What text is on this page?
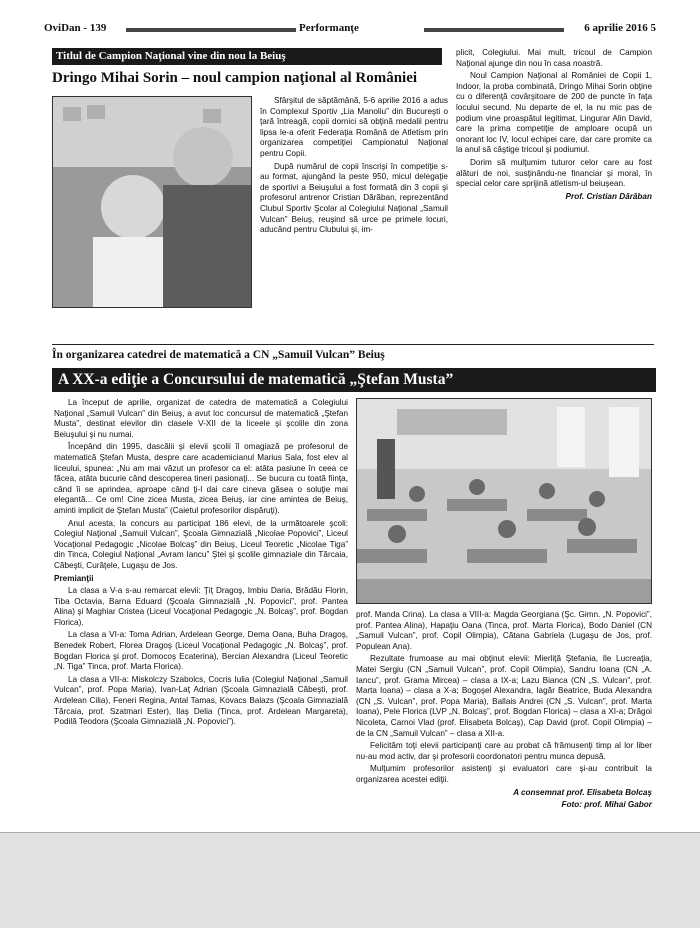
OviDan - 139	Performanţe	6 aprilie 2016 5
Titlul de Campion Naţional vine din nou la Beiuş
Dringo Mihai Sorin – noul campion naţional al României

Sfârşitul de săptămână, 5-6 aprilie 2016 a adus în Complexul Sportiv „Lia Manoliu” din Bucureşti o ţară întreagă, copii dornici să obţină medalii pentru lipsa le-a oferit Federaţia Română de Atletism prin organizarea competiţiei Campionatul Naţional pentru Copii.

După numărul de copii înscrişi în competiţie s-au format, ajungând la peste 950, micul delegaţie de sportivi a Beiuşului a fost formată din 3 copii şi profesorul antrenor Cristian Dărăban, reprezentând Clubul Sportiv Şcolar al Colegiului Naţional „Samuil Vulcan” Beiuş, reuşind să urce pe primele locuri, aducând pentru Clubului şi, im-

plicit, Colegiului. Mai mult, tricoul de Campion Naţional ajunge din nou în casa noastră.

Noul Campion Naţional al României de Copii 1, Indoor, la proba combinată, Dringo Mihai Sorin obţine cu o diferenţă covârşitoare de 200 de puncte în faţa locului secund. Nu departe de el, la nu mic pas de podium vine proaspătul legitimat, Lingurar Alin David, care la prima competiţie de amploare ocupă un onorant loc IV, locul echipei care, dar care promite ca la anul să câştige tricoul şi podiumul.

Dorim să mulţumim tuturor celor care au fost alături de noi, susţinându-ne financiar şi moral, în special celor care sprijină atletism-ul beiuşean.

Prof. Cristian Dărăban

În organizarea catedrei de matematică a CN „Samuil Vulcan” Beiuş
A XX-a ediţie a Concursului de matematică „Ştefan Musta”

La început de aprilie, organizat de catedra de matematică a Colegiului Naţional „Samuil Vulcan” din Beiuş, a avut loc concursul de matematică „Ştefan Musta”, destinat elevilor din clasele V-XII de la liceele şi şcolile din zona Beiuşului şi nu numai.

Începând din 1995, dascălii şi elevii şcolii îl omagiază pe profesorul de matematică Ştefan Musta, despre care academicianul Marius Sala, fost elev al liceului, spunea: „Nu am mai văzut un profesor ca el: atâta pasiune în ceea ce făcea, atâta bucurie când descoperea tineri pasionaţi... Se bucura cu toată fiinţa, când îi se aprindea, aproape când ţi-l dai care cineva găsea o soluţie mai elegantă... Ce om! Cine zicea Musta, zicea Beiuş, iar cine amintea de Beiuş, aminti implicit de Ştefan Musta” (Caietul profesorilor dispăruţi).

Anul acesta, la concurs au participat 186 elevi, de la următoarele şcoli: Colegiul Naţional „Samuil Vulcan”, Şcoala Gimnazială „Nicolae Popovici”, Liceul Vocaţional Pedagogic „Nicolae Bolcaş” din Beiuş, Liceul Teoretic „Nicolae Tiga” din Tinca, Colegiul Naţional „Avram Iancu” Ştei şi şcolile gimnaziale din Tărcaia, Căbeşti, Curăţele, Lugaşu de Jos.

Premianţii

La clasa a V-a s-au remarcat elevii: Ţiţ Dragoş, Imbiu Daria, Brădău Florin, Tiba Octavia, Barna Eduard (Şcoala Gimnazială „N. Popovici”, prof. Pantea Alina) şi Maghiar Cristea (Liceul Vocaţional Pedagogic „N. Bolcaş”, prof. Bogdan Florica).

La clasa a VI-a: Toma Adrian, Ardelean George, Dema Oana, Buha Dragoş, Benedek Robert, Florea Dragoş (Liceul Vocaţional Pedagogic „N. Bolcaş”, prof. Bogdan Florica şi prof. Domocoş Ecaterina), Bercian Alexandra (Liceul Teoretic „N. Tiga” Tinca, prof. Marta Florica).

La clasa a VII-a: Miskolczy Szabolcs, Cocris Iulia (Colegiul Naţional „Samuil Vulcan”, prof. Popa Maria), Ivan-Laţ Adrian (Şcoala Gimnazială Căbeşti, prof. Ardelean Cilia), Feneri Regina, Antal Tamas, Kovacs Balazs (Şcoala Gimnazială Tărcaia, prof. Szatmari Ester), Ilaş Delia (Tinca, prof. Ardelean Margareta), Podilă Teodora (Şcoala Gimnazială „N. Popovici”).

prof. Manda Crina). La clasa a VIII-a: Magda Georgiana (Şc. Gimn. „N. Popovici”, prof. Pantea Alina), Hapaţiu Oana (Tinca, prof. Marta Florica), Bodo Daniel (CN „Samuil Vulcan”, prof. Copil Olimpia), Cătana Gabriela (Lugaşu de Jos, prof. Populean Ana).

Rezultate frumoase au mai obţinut elevii: Mierliţă Ştefania, Ile Lucreaţia, Matei Sergiu (CN „Samuil Vulcan”, prof. Copil Olimpia), Sandru Ioana (CN „A. Iancu”, prof. Grama Mircea) – clasa a IX-a; Lazu Bianca (CN „S. Vulcan”, prof. Marta Ioana) – clasa a X-a; Bogoşel Alexandra, Iagăr Beatrice, Buda Alexandra (CN „S. Vulcan”, prof. Popa Maria), Ballais Andrei (CN „S. Vulcan”, prof. Marta Ioana), Pele Florica (LVP „N. Bolcaş”, prof. Bogdan Florica) – clasa a XI-a; Drăgoi Nicoleta, Carnoi Vlad (prof. Elisabeta Bolcaş), Cap David (prof. Copil Olimpia) – de la CN „Samuil Vulcan” – clasa a XII-a.

Felicităm toţi elevii participanţi care au probat că frămusenţi timp al lor liber nu-au mod activ, dar şi profesorii coordonatori pentru munca depusă.

Mulţumim profesorilor asistenţi şi evaluatori care şi-au contribuit la organizarea acestei ediţii.

A consemnat prof. Elisabeta Bolcaş

Foto: prof. Mihai Gabor
